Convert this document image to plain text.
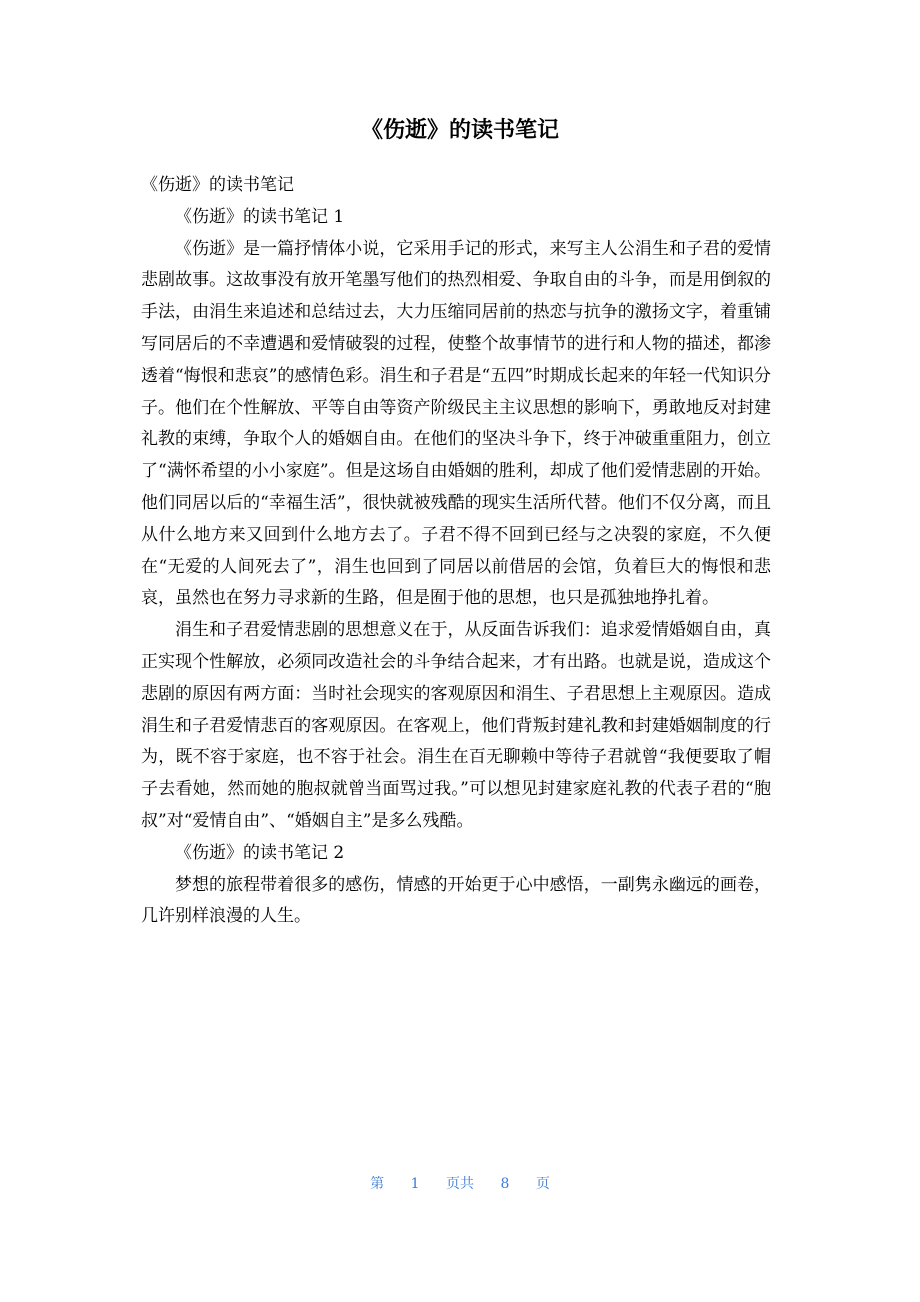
《伤逝》的读书笔记

《伤逝》的读书笔记

《伤逝》的读书笔记 1

《伤逝》是一篇抒情体小说，它采用手记的形式，来写主人公涓生和子君的爱情悲剧故事。这故事没有放开笔墨写他们的热烈相爱、争取自由的斗争，而是用倒叙的手法，由涓生来追述和总结过去，大力压缩同居前的热恋与抗争的激扬文字，着重铺写同居后的不幸遭遇和爱情破裂的过程，使整个故事情节的进行和人物的描述，都渗透着“悔恨和悲哀”的感情色彩。涓生和子君是“五四”时期成长起来的年轻一代知识分子。他们在个性解放、平等自由等资产阶级民主主议思想的影响下，勇敢地反对封建礼教的束缚，争取个人的婚姻自由。在他们的坚决斗争下，终于冲破重重阻力，创立了“满怀希望的小小家庭”。但是这场自由婚姻的胜利，却成了他们爱情悲剧的开始。他们同居以后的“幸福生活”，很快就被残酷的现实生活所代替。他们不仅分离，而且从什么地方来又回到什么地方去了。子君不得不回到已经与之决裂的家庭，不久便在“无爱的人间死去了”，涓生也回到了同居以前借居的会馆，负着巨大的悔恨和悲哀，虽然也在努力寻求新的生路，但是囿于他的思想，也只是孤独地挣扎着。

涓生和子君爱情悲剧的思想意义在于，从反面告诉我们：追求爱情婚姻自由，真正实现个性解放，必须同改造社会的斗争结合起来，才有出路。也就是说，造成这个悲剧的原因有两方面：当时社会现实的客观原因和涓生、子君思想上主观原因。造成涓生和子君爱情悲百的客观原因。在客观上，他们背叛封建礼教和封建婚姻制度的行为，既不容于家庭，也不容于社会。涓生在百无聊赖中等待子君就曾“我便要取了帽子去看她，然而她的胞叔就曾当面骂过我。”可以想见封建家庭礼教的代表子君的“胞叔”对“爱情自由”、“婚姻自主”是多么残酷。

《伤逝》的读书笔记 2

梦想的旅程带着很多的感伤，情感的开始更于心中感悟，一副隽永幽远的画卷，几许别样浪漫的人生。

第 1 页共 8 页
